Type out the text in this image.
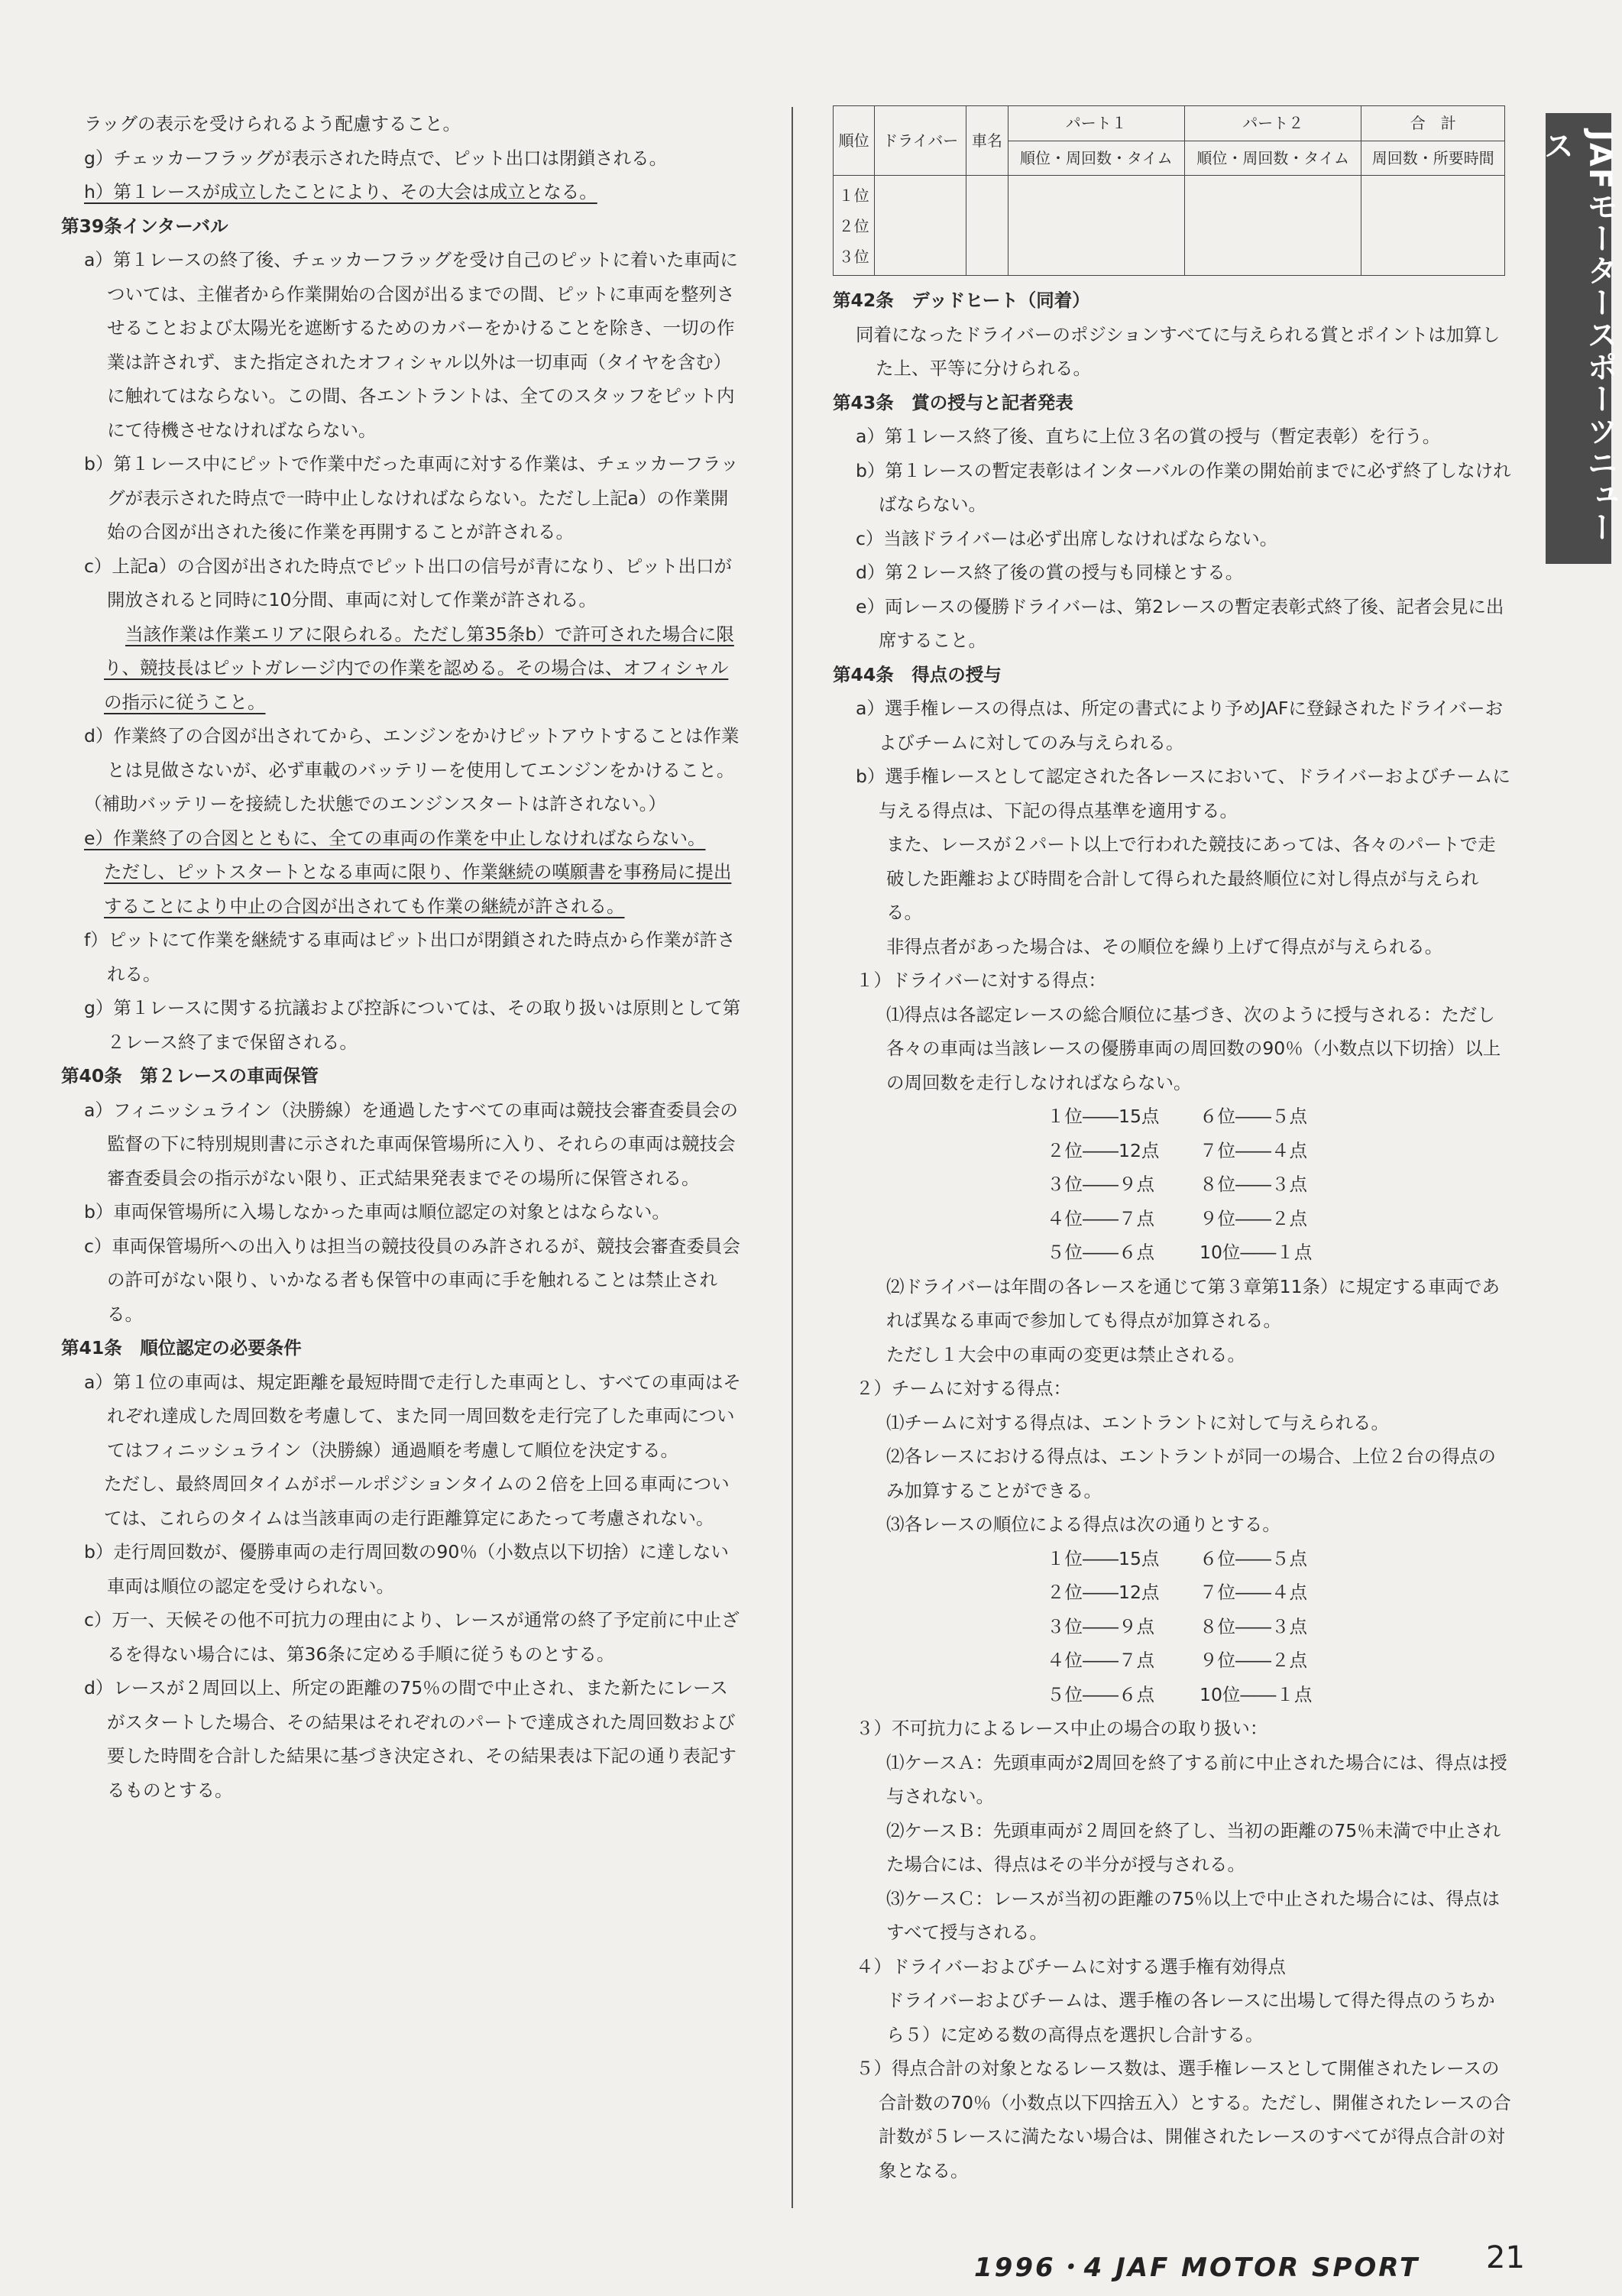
JAFモータースポーツニュース
ラッグの表示を受けられるよう配慮すること。
g）チェッカーフラッグが表示された時点で、ピット出口は閉鎖される。
h）第１レースが成立したことにより、その大会は成立となる。
第39条インターバル
a）第１レースの終了後、チェッカーフラッグを受け自己のピットに着いた車両については、主催者から作業開始の合図が出るまでの間、ピットに車両を整列させることおよび太陽光を遮断するためのカバーをかけることを除き、一切の作業は許されず、また指定されたオフィシャル以外は一切車両（タイヤを含む）に触れてはならない。この間、各エントラントは、全てのスタッフをピット内にて待機させなければならない。
b）第１レース中にピットで作業中だった車両に対する作業は、チェッカーフラッグが表示された時点で一時中止しなければならない。ただし上記a）の作業開始の合図が出された後に作業を再開することが許される。
c）上記a）の合図が出された時点でピット出口の信号が青になり、ピット出口が開放されると同時に10分間、車両に対して作業が許される。
当該作業は作業エリアに限られる。ただし第35条b）で許可された場合に限り、競技長はピットガレージ内での作業を認める。その場合は、オフィシャルの指示に従うこと。
d）作業終了の合図が出されてから、エンジンをかけピットアウトすることは作業とは見做さないが、必ず車載のバッテリーを使用してエンジンをかけること。
（補助バッテリーを接続した状態でのエンジンスタートは許されない。）
e）作業終了の合図とともに、全ての車両の作業を中止しなければならない。
ただし、ピットスタートとなる車両に限り、作業継続の嘆願書を事務局に提出することにより中止の合図が出されても作業の継続が許される。
f）ピットにて作業を継続する車両はピット出口が閉鎖された時点から作業が許される。
g）第１レースに関する抗議および控訴については、その取り扱いは原則として第２レース終了まで保留される。
第40条　第２レースの車両保管
a）フィニッシュライン（決勝線）を通過したすべての車両は競技会審査委員会の監督の下に特別規則書に示された車両保管場所に入り、それらの車両は競技会審査委員会の指示がない限り、正式結果発表までその場所に保管される。
b）車両保管場所に入場しなかった車両は順位認定の対象とはならない。
c）車両保管場所への出入りは担当の競技役員のみ許されるが、競技会審査委員会の許可がない限り、いかなる者も保管中の車両に手を触れることは禁止される。
第41条　順位認定の必要条件
a）第１位の車両は、規定距離を最短時間で走行した車両とし、すべての車両はそれぞれ達成した周回数を考慮して、また同一周回数を走行完了した車両についてはフィニッシュライン（決勝線）通過順を考慮して順位を決定する。
ただし、最終周回タイムがポールポジションタイムの２倍を上回る車両については、これらのタイムは当該車両の走行距離算定にあたって考慮されない。
b）走行周回数が、優勝車両の走行周回数の90％（小数点以下切捨）に達しない車両は順位の認定を受けられない。
c）万一、天候その他不可抗力の理由により、レースが通常の終了予定前に中止ざるを得ない場合には、第36条に定める手順に従うものとする。
d）レースが２周回以上、所定の距離の75％の間で中止され、また新たにレースがスタートした場合、その結果はそれぞれのパートで達成された周回数および要した時間を合計した結果に基づき決定され、その結果表は下記の通り表記するものとする。
順位	ドライバー	車名	パート１	パート２	合　計
			順位・周回数・タイム	順位・周回数・タイム	周回数・所要時間

１位
２位
３位					

第42条　デッドヒート（同着）
同着になったドライバーのポジションすべてに与えられる賞とポイントは加算した上、平等に分けられる。
第43条　賞の授与と記者発表
a）第１レース終了後、直ちに上位３名の賞の授与（暫定表彰）を行う。
b）第１レースの暫定表彰はインターバルの作業の開始前までに必ず終了しなければならない。
c）当該ドライバーは必ず出席しなければならない。
d）第２レース終了後の賞の授与も同様とする。
e）両レースの優勝ドライバーは、第2レースの暫定表彰式終了後、記者会見に出席すること。
第44条　得点の授与
a）選手権レースの得点は、所定の書式により予めJAFに登録されたドライバーおよびチームに対してのみ与えられる。
b）選手権レースとして認定された各レースにおいて、ドライバーおよびチームに与える得点は、下記の得点基準を適用する。
また、レースが２パート以上で行われた競技にあっては、各々のパートで走破した距離および時間を合計して得られた最終順位に対し得点が与えられる。
非得点者があった場合は、その順位を繰り上げて得点が与えられる。
１）ドライバーに対する得点：
⑴得点は各認定レースの総合順位に基づき、次のように授与される：ただし各々の車両は当該レースの優勝車両の周回数の90％（小数点以下切捨）以上の周回数を走行しなければならない。
１位――15点	６位――５点
２位――12点	７位――４点
３位――９点	８位――３点
４位――７点	９位――２点
５位――６点	10位――１点
⑵ドライバーは年間の各レースを通じて第３章第11条）に規定する車両であれば異なる車両で参加しても得点が加算される。
ただし１大会中の車両の変更は禁止される。
２）チームに対する得点：
⑴チームに対する得点は、エントラントに対して与えられる。
⑵各レースにおける得点は、エントラントが同一の場合、上位２台の得点のみ加算することができる。
⑶各レースの順位による得点は次の通りとする。
１位――15点	６位――５点
２位――12点	７位――４点
３位――９点	８位――３点
４位――７点	９位――２点
５位――６点	10位――１点
３）不可抗力によるレース中止の場合の取り扱い：
⑴ケースＡ：先頭車両が2周回を終了する前に中止された場合には、得点は授与されない。
⑵ケースＢ：先頭車両が２周回を終了し、当初の距離の75％未満で中止された場合には、得点はその半分が授与される。
⑶ケースＣ：レースが当初の距離の75％以上で中止された場合には、得点はすべて授与される。
４）ドライバーおよびチームに対する選手権有効得点
ドライバーおよびチームは、選手権の各レースに出場して得た得点のうちから５）に定める数の高得点を選択し合計する。
５）得点合計の対象となるレース数は、選手権レースとして開催されたレースの合計数の70％（小数点以下四捨五入）とする。ただし、開催されたレースの合計数が５レースに満たない場合は、開催されたレースのすべてが得点合計の対象となる。
1996・4 JAF MOTOR SPORT 21
